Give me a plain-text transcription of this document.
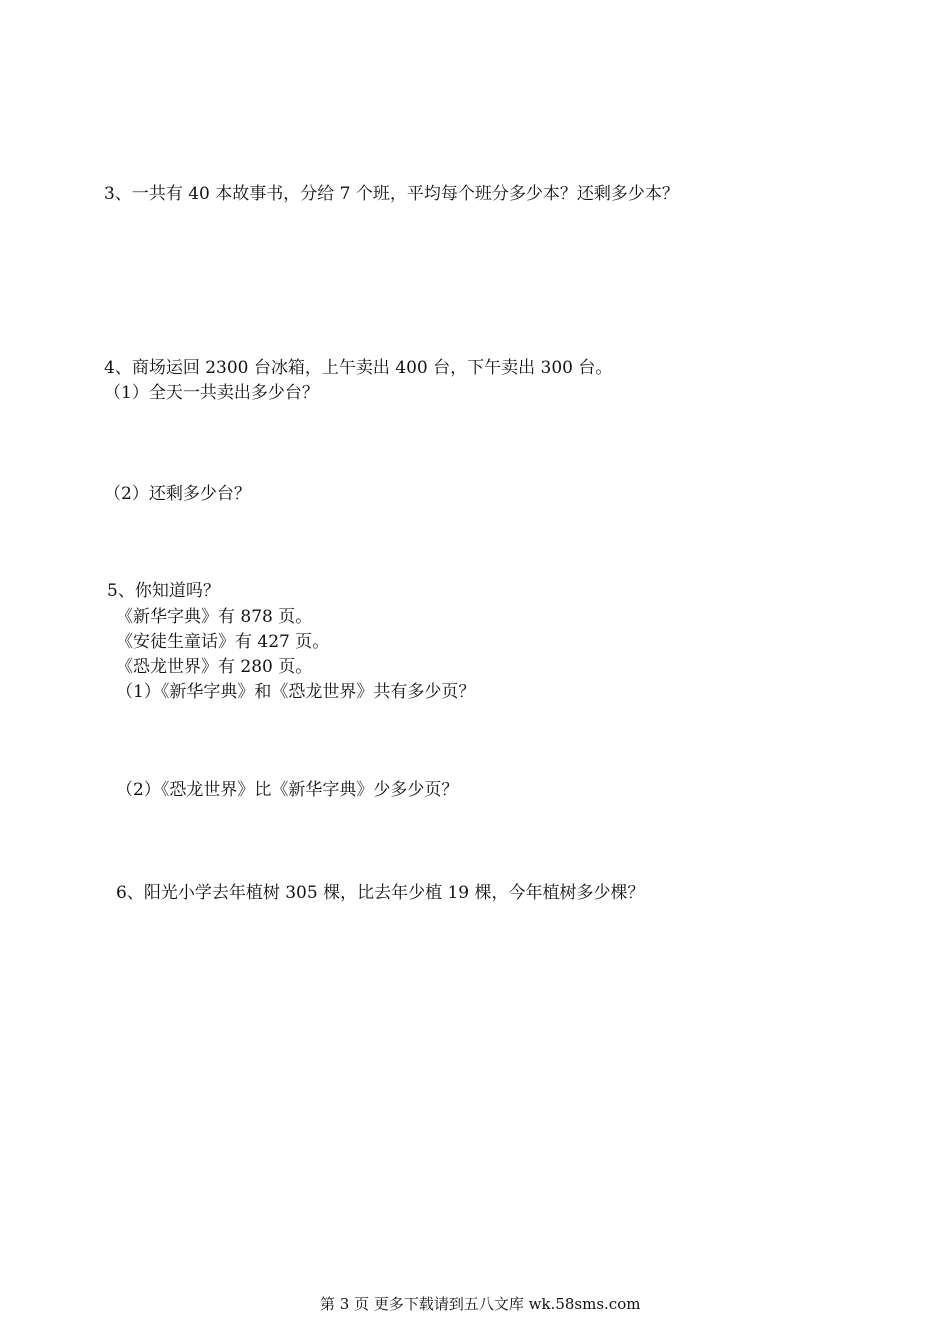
3、一共有 40 本故事书，分给 7 个班，平均每个班分多少本？还剩多少本？
4、商场运回 2300 台冰箱，上午卖出 400 台，下午卖出 300 台。
（1）全天一共卖出多少台？
（2）还剩多少台？
5、你知道吗？
《新华字典》有 878 页。
《安徒生童话》有 427 页。
《恐龙世界》有 280 页。
（1）《新华字典》和《恐龙世界》共有多少页？
（2）《恐龙世界》比《新华字典》少多少页？
6、阳光小学去年植树 305 棵，比去年少植 19 棵，今年植树多少棵？
第 3 页 更多下载请到五八文库 wk.58sms.com
